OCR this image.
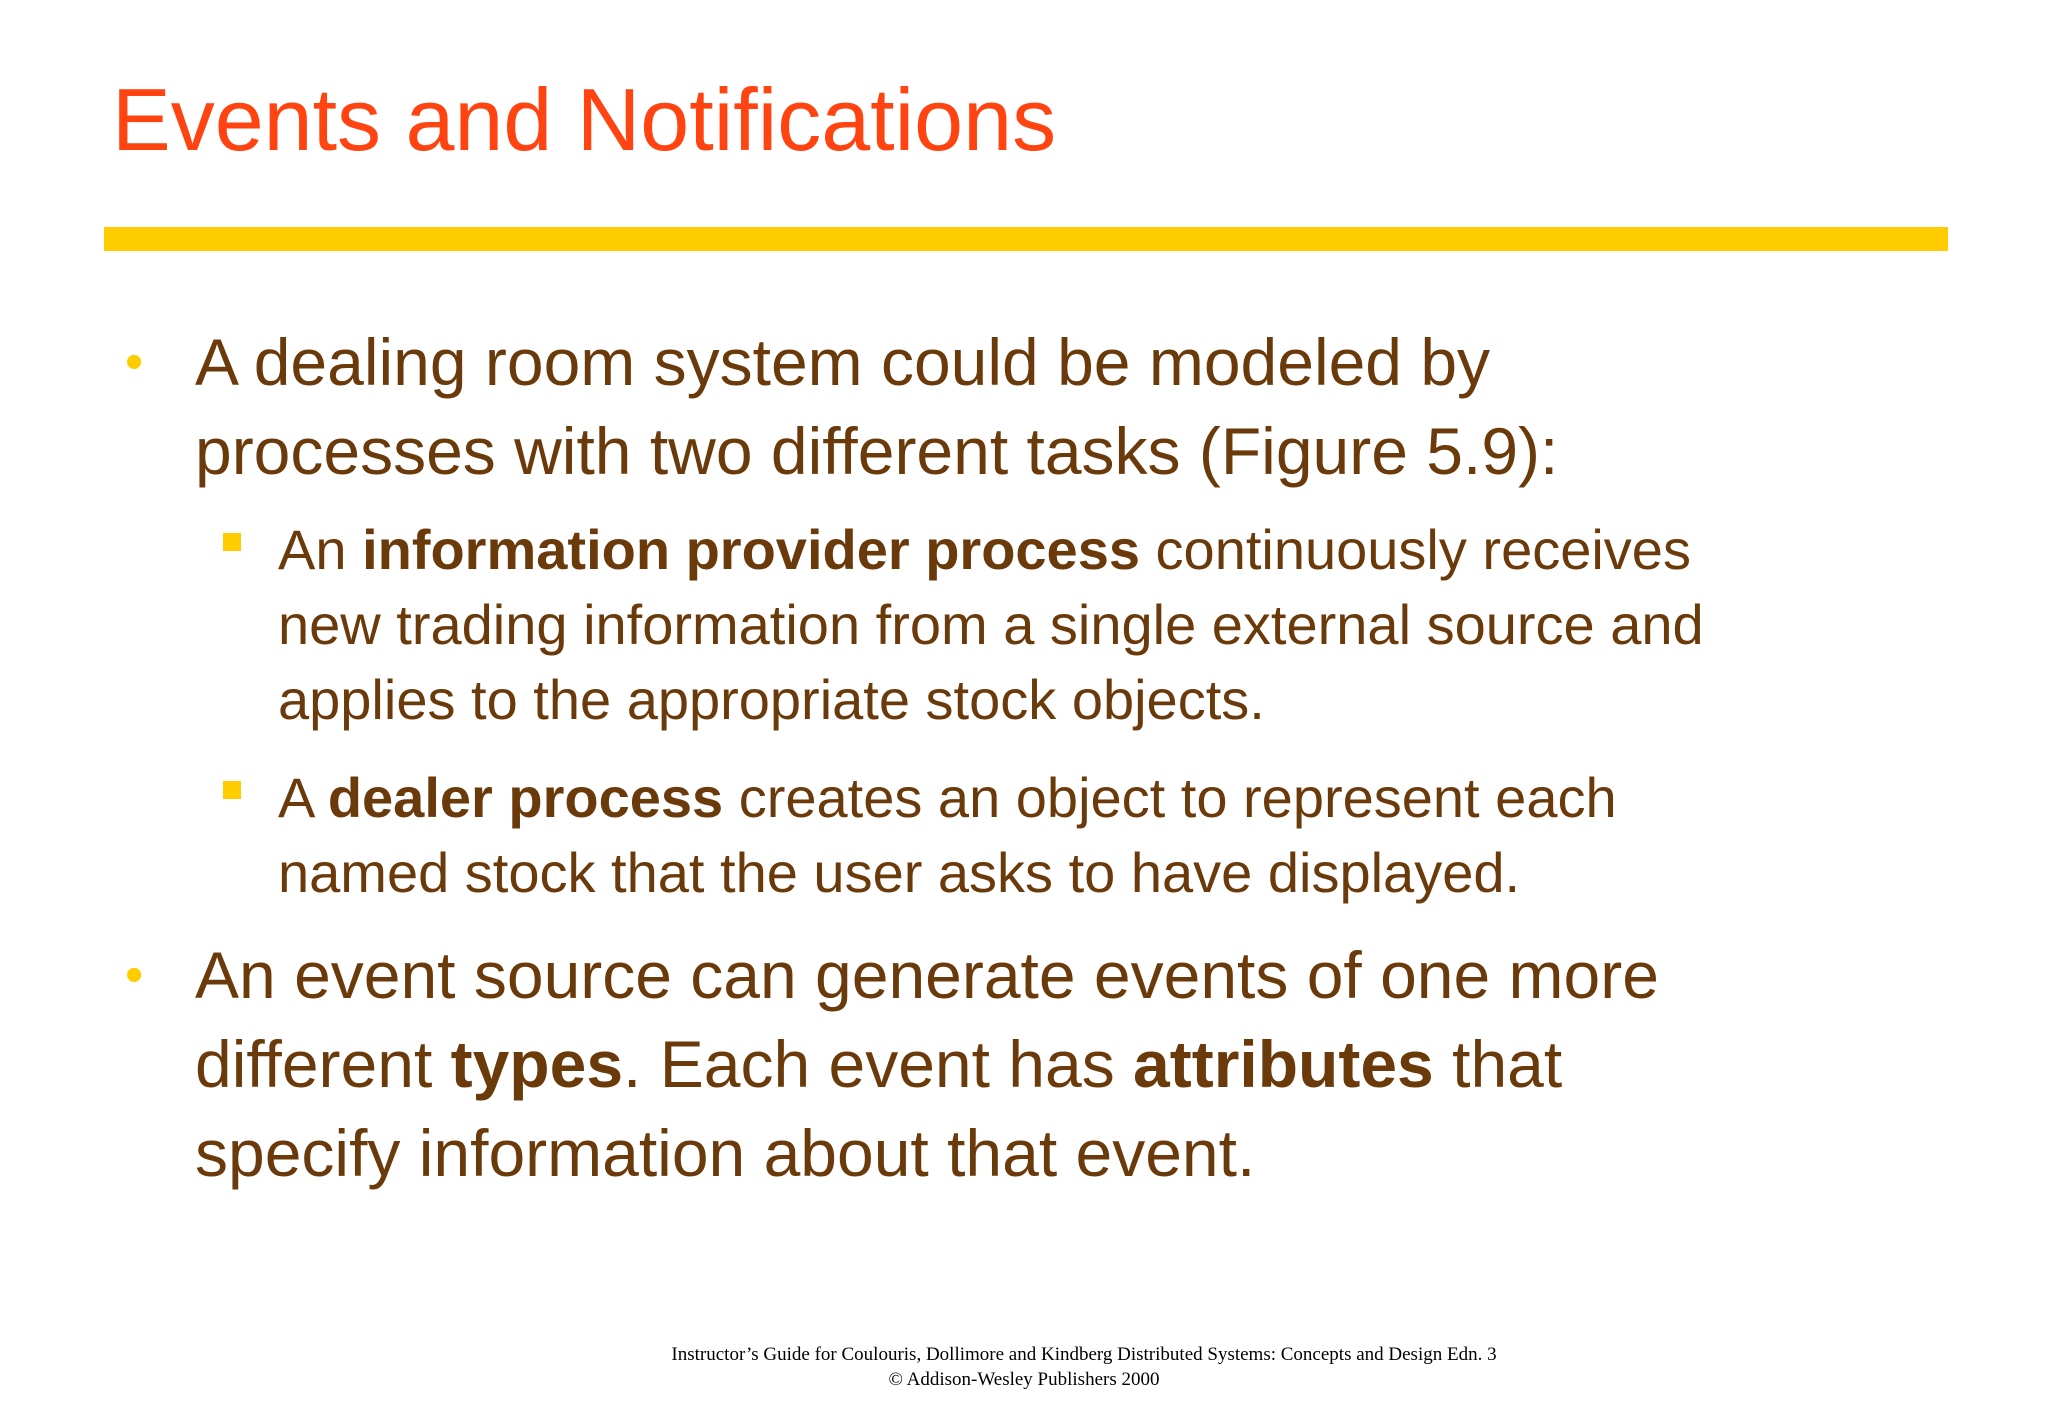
Events and Notifications
• A dealing room system could be modeled by
processes with two different tasks (Figure 5.9):
An information provider process continuously receives
new trading information from a single external source and
applies to the appropriate stock objects.
A dealer process creates an object to represent each
named stock that the user asks to have displayed.
• An event source can generate events of one more
different types. Each event has attributes that
specify information about that event.
Instructor’s Guide for Coulouris, Dollimore and Kindberg Distributed Systems: Concepts and Design Edn. 3
© Addison-Wesley Publishers 2000
